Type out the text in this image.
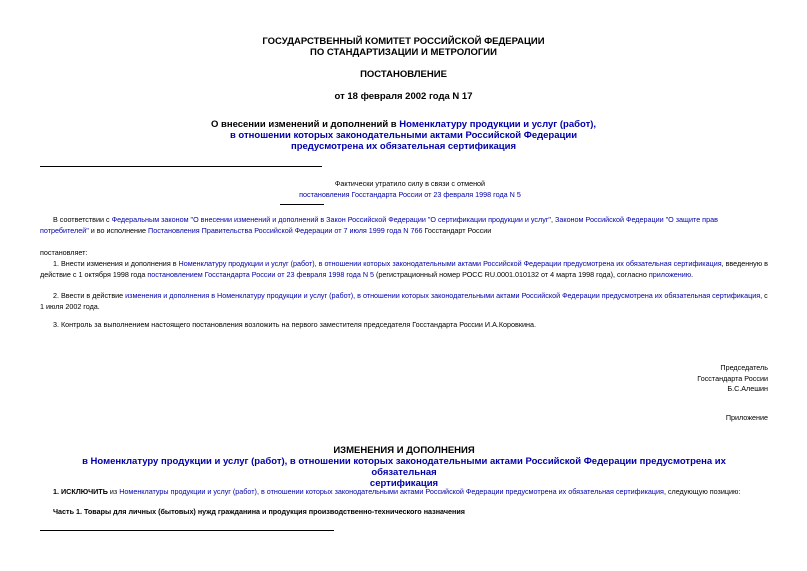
ГОСУДАРСТВЕННЫЙ КОМИТЕТ РОССИЙСКОЙ ФЕДЕРАЦИИ
ПО СТАНДАРТИЗАЦИИ И МЕТРОЛОГИИ
ПОСТАНОВЛЕНИЕ
от 18 февраля 2002 года N 17
О внесении изменений и дополнений в Номенклатуру продукции и услуг (работ),
в отношении которых законодательными актами Российской Федерации
предусмотрена их обязательная сертификация
Фактически утратило силу в связи с отменой
постановления Госстандарта России от 23 февраля 1998 года N 5
В соответствии с Федеральным законом "О внесении изменений и дополнений в Закон Российской Федерации "О сертификации продукции и услуг", Законом Российской Федерации "О защите прав потребителей" и во исполнение Постановления Правительства Российской Федерации от 7 июля 1999 года N 766 Госстандарт России
постановляет:
1. Внести изменения и дополнения в Номенклатуру продукции и услуг (работ), в отношении которых законодательными актами Российской Федерации предусмотрена их обязательная сертификация, введенную в действие с 1 октября 1998 года постановлением Госстандарта России от 23 февраля 1998 года N 5 (регистрационный номер РОСС RU.0001.010132 от 4 марта 1998 года), согласно приложению.
2. Ввести в действие изменения и дополнения в Номенклатуру продукции и услуг (работ), в отношении которых законодательными актами Российской Федерации предусмотрена их обязательная сертификация, с 1 июля 2002 года.
3. Контроль за выполнением настоящего постановления возложить на первого заместителя председателя Госстандарта России И.А.Коровкина.
Председатель
Госстандарта России
Б.С.Алешин
Приложение
ИЗМЕНЕНИЯ И ДОПОЛНЕНИЯ
в Номенклатуру продукции и услуг (работ), в отношении которых законодательными актами Российской Федерации предусмотрена их обязательная
сертификация
1. ИСКЛЮЧИТЬ из Номенклатуры продукции и услуг (работ), в отношении которых законодательными актами Российской Федерации предусмотрена их обязательная сертификация, следующую позицию:
Часть 1. Товары для личных (бытовых) нужд гражданина и продукция производственно-технического назначения
